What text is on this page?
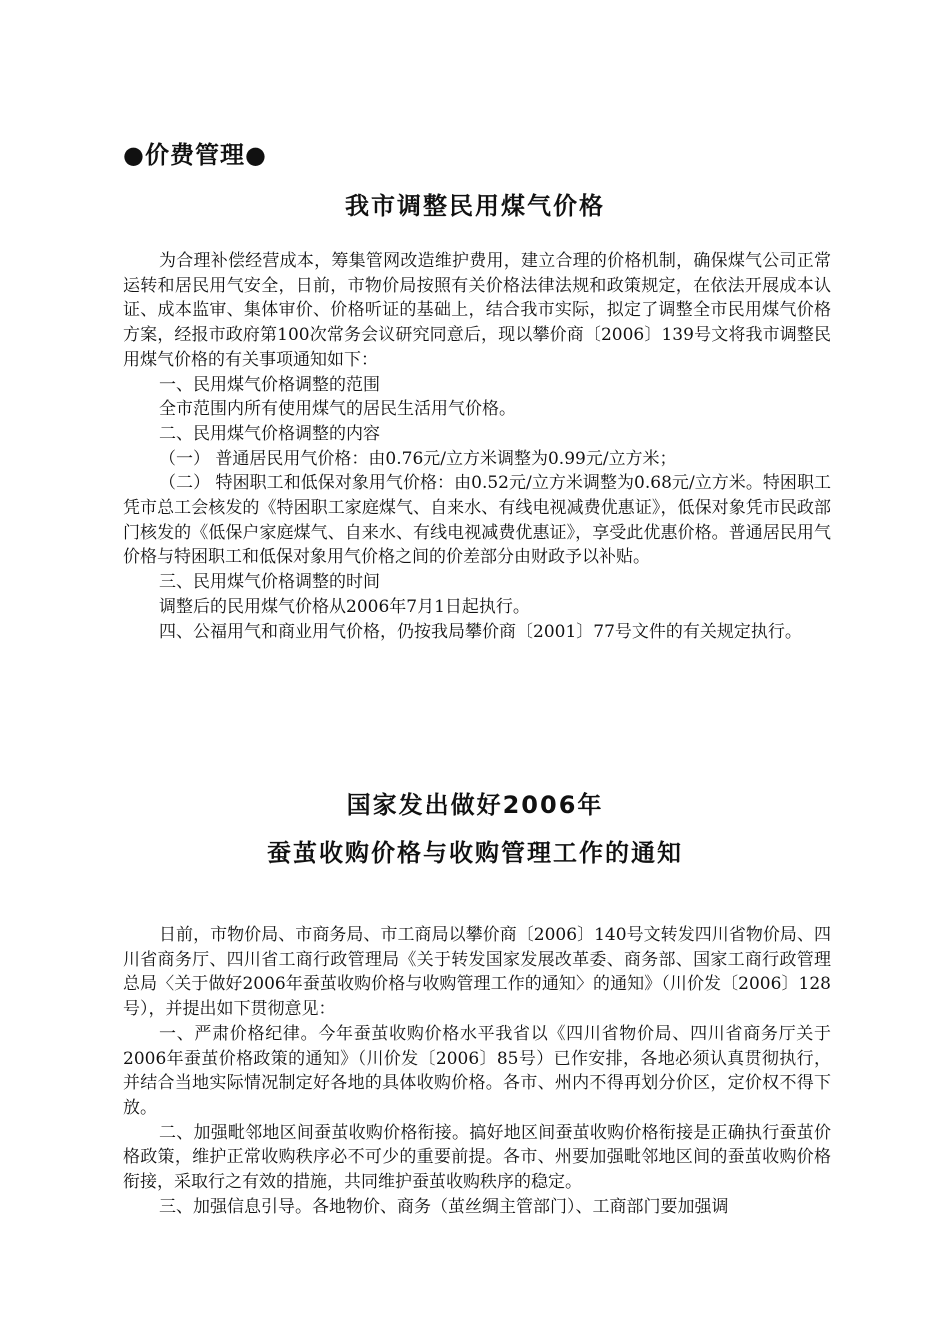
●价费管理●
我市调整民用煤气价格

为合理补偿经营成本，筹集管网改造维护费用，建立合理的价格机制，确保煤气公司正常运转和居民用气安全，日前，市物价局按照有关价格法律法规和政策规定，在依法开展成本认证、成本监审、集体审价、价格听证的基础上，结合我市实际，拟定了调整全市民用煤气价格方案，经报市政府第100次常务会议研究同意后，现以攀价商〔2006〕139号文将我市调整民用煤气价格的有关事项通知如下：

一、民用煤气价格调整的范围

全市范围内所有使用煤气的居民生活用气价格。

二、民用煤气价格调整的内容

（一） 普通居民用气价格：由0.76元/立方米调整为0.99元/立方米；

（二） 特困职工和低保对象用气价格：由0.52元/立方米调整为0.68元/立方米。特困职工凭市总工会核发的《特困职工家庭煤气、自来水、有线电视减费优惠证》，低保对象凭市民政部门核发的《低保户家庭煤气、自来水、有线电视减费优惠证》，享受此优惠价格。普通居民用气价格与特困职工和低保对象用气价格之间的价差部分由财政予以补贴。

三、民用煤气价格调整的时间

调整后的民用煤气价格从2006年7月1日起执行。

四、公福用气和商业用气价格，仍按我局攀价商〔2001〕77号文件的有关规定执行。

国家发出做好2006年
蚕茧收购价格与收购管理工作的通知

日前，市物价局、市商务局、市工商局以攀价商〔2006〕140号文转发四川省物价局、四川省商务厅、四川省工商行政管理局《关于转发国家发展改革委、商务部、国家工商行政管理总局〈关于做好2006年蚕茧收购价格与收购管理工作的通知〉的通知》（川价发〔2006〕128号），并提出如下贯彻意见：

一、严肃价格纪律。今年蚕茧收购价格水平我省以《四川省物价局、四川省商务厅关于2006年蚕茧价格政策的通知》（川价发〔2006〕85号）已作安排，各地必须认真贯彻执行，并结合当地实际情况制定好各地的具体收购价格。各市、州内不得再划分价区，定价权不得下放。

二、加强毗邻地区间蚕茧收购价格衔接。搞好地区间蚕茧收购价格衔接是正确执行蚕茧价格政策，维护正常收购秩序必不可少的重要前提。各市、州要加强毗邻地区间的蚕茧收购价格衔接，采取行之有效的措施，共同维护蚕茧收购秩序的稳定。

三、加强信息引导。各地物价、商务（茧丝绸主管部门）、工商部门要加强调
